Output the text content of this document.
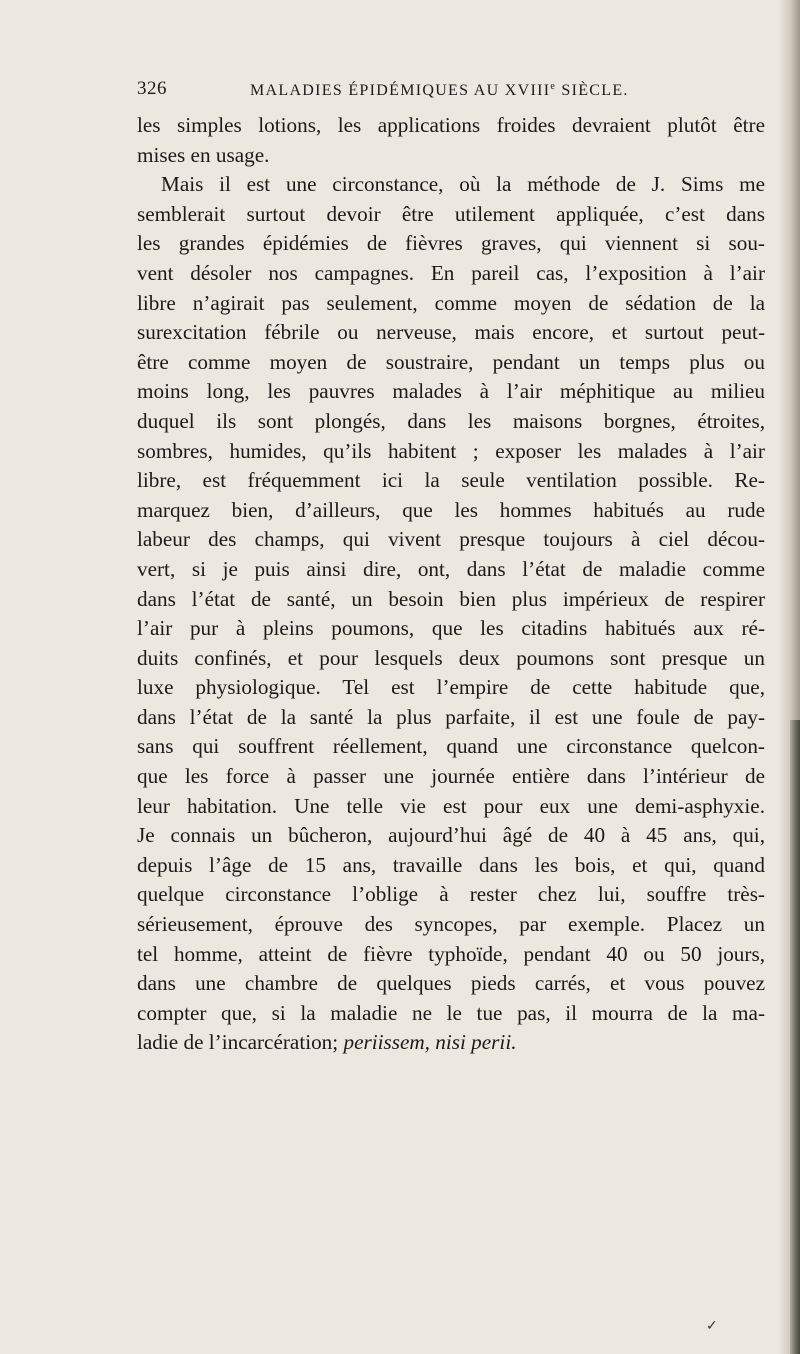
326	MALADIES ÉPIDÉMIQUES AU XVIIIe SIÈCLE.
les simples lotions, les applications froides devraient plutôt être
mises en usage.
Mais il est une circonstance, où la méthode de J. Sims me
semblerait surtout devoir être utilement appliquée, c’est dans
les grandes épidémies de fièvres graves, qui viennent si sou-
vent désoler nos campagnes. En pareil cas, l’exposition à l’air
libre n’agirait pas seulement, comme moyen de sédation de la
surexcitation fébrile ou nerveuse, mais encore, et surtout peut-
être comme moyen de soustraire, pendant un temps plus ou
moins long, les pauvres malades à l’air méphitique au milieu
duquel ils sont plongés, dans les maisons borgnes, étroites,
sombres, humides, qu’ils habitent ; exposer les malades à l’air
libre, est fréquemment ici la seule ventilation possible. Re-
marquez bien, d’ailleurs, que les hommes habitués au rude
labeur des champs, qui vivent presque toujours à ciel décou-
vert, si je puis ainsi dire, ont, dans l’état de maladie comme
dans l’état de santé, un besoin bien plus impérieux de respirer
l’air pur à pleins poumons, que les citadins habitués aux ré-
duits confinés, et pour lesquels deux poumons sont presque un
luxe physiologique. Tel est l’empire de cette habitude que,
dans l’état de la santé la plus parfaite, il est une foule de pay-
sans qui souffrent réellement, quand une circonstance quelcon-
que les force à passer une journée entière dans l’intérieur de
leur habitation. Une telle vie est pour eux une demi-asphyxie.
Je connais un bûcheron, aujourd’hui âgé de 40 à 45 ans, qui,
depuis l’âge de 15 ans, travaille dans les bois, et qui, quand
quelque circonstance l’oblige à rester chez lui, souffre très-
sérieusement, éprouve des syncopes, par exemple. Placez un
tel homme, atteint de fièvre typhoïde, pendant 40 ou 50 jours,
dans une chambre de quelques pieds carrés, et vous pouvez
compter que, si la maladie ne le tue pas, il mourra de la ma-
ladie de l’incarcération; periissem, nisi perii.
✓
